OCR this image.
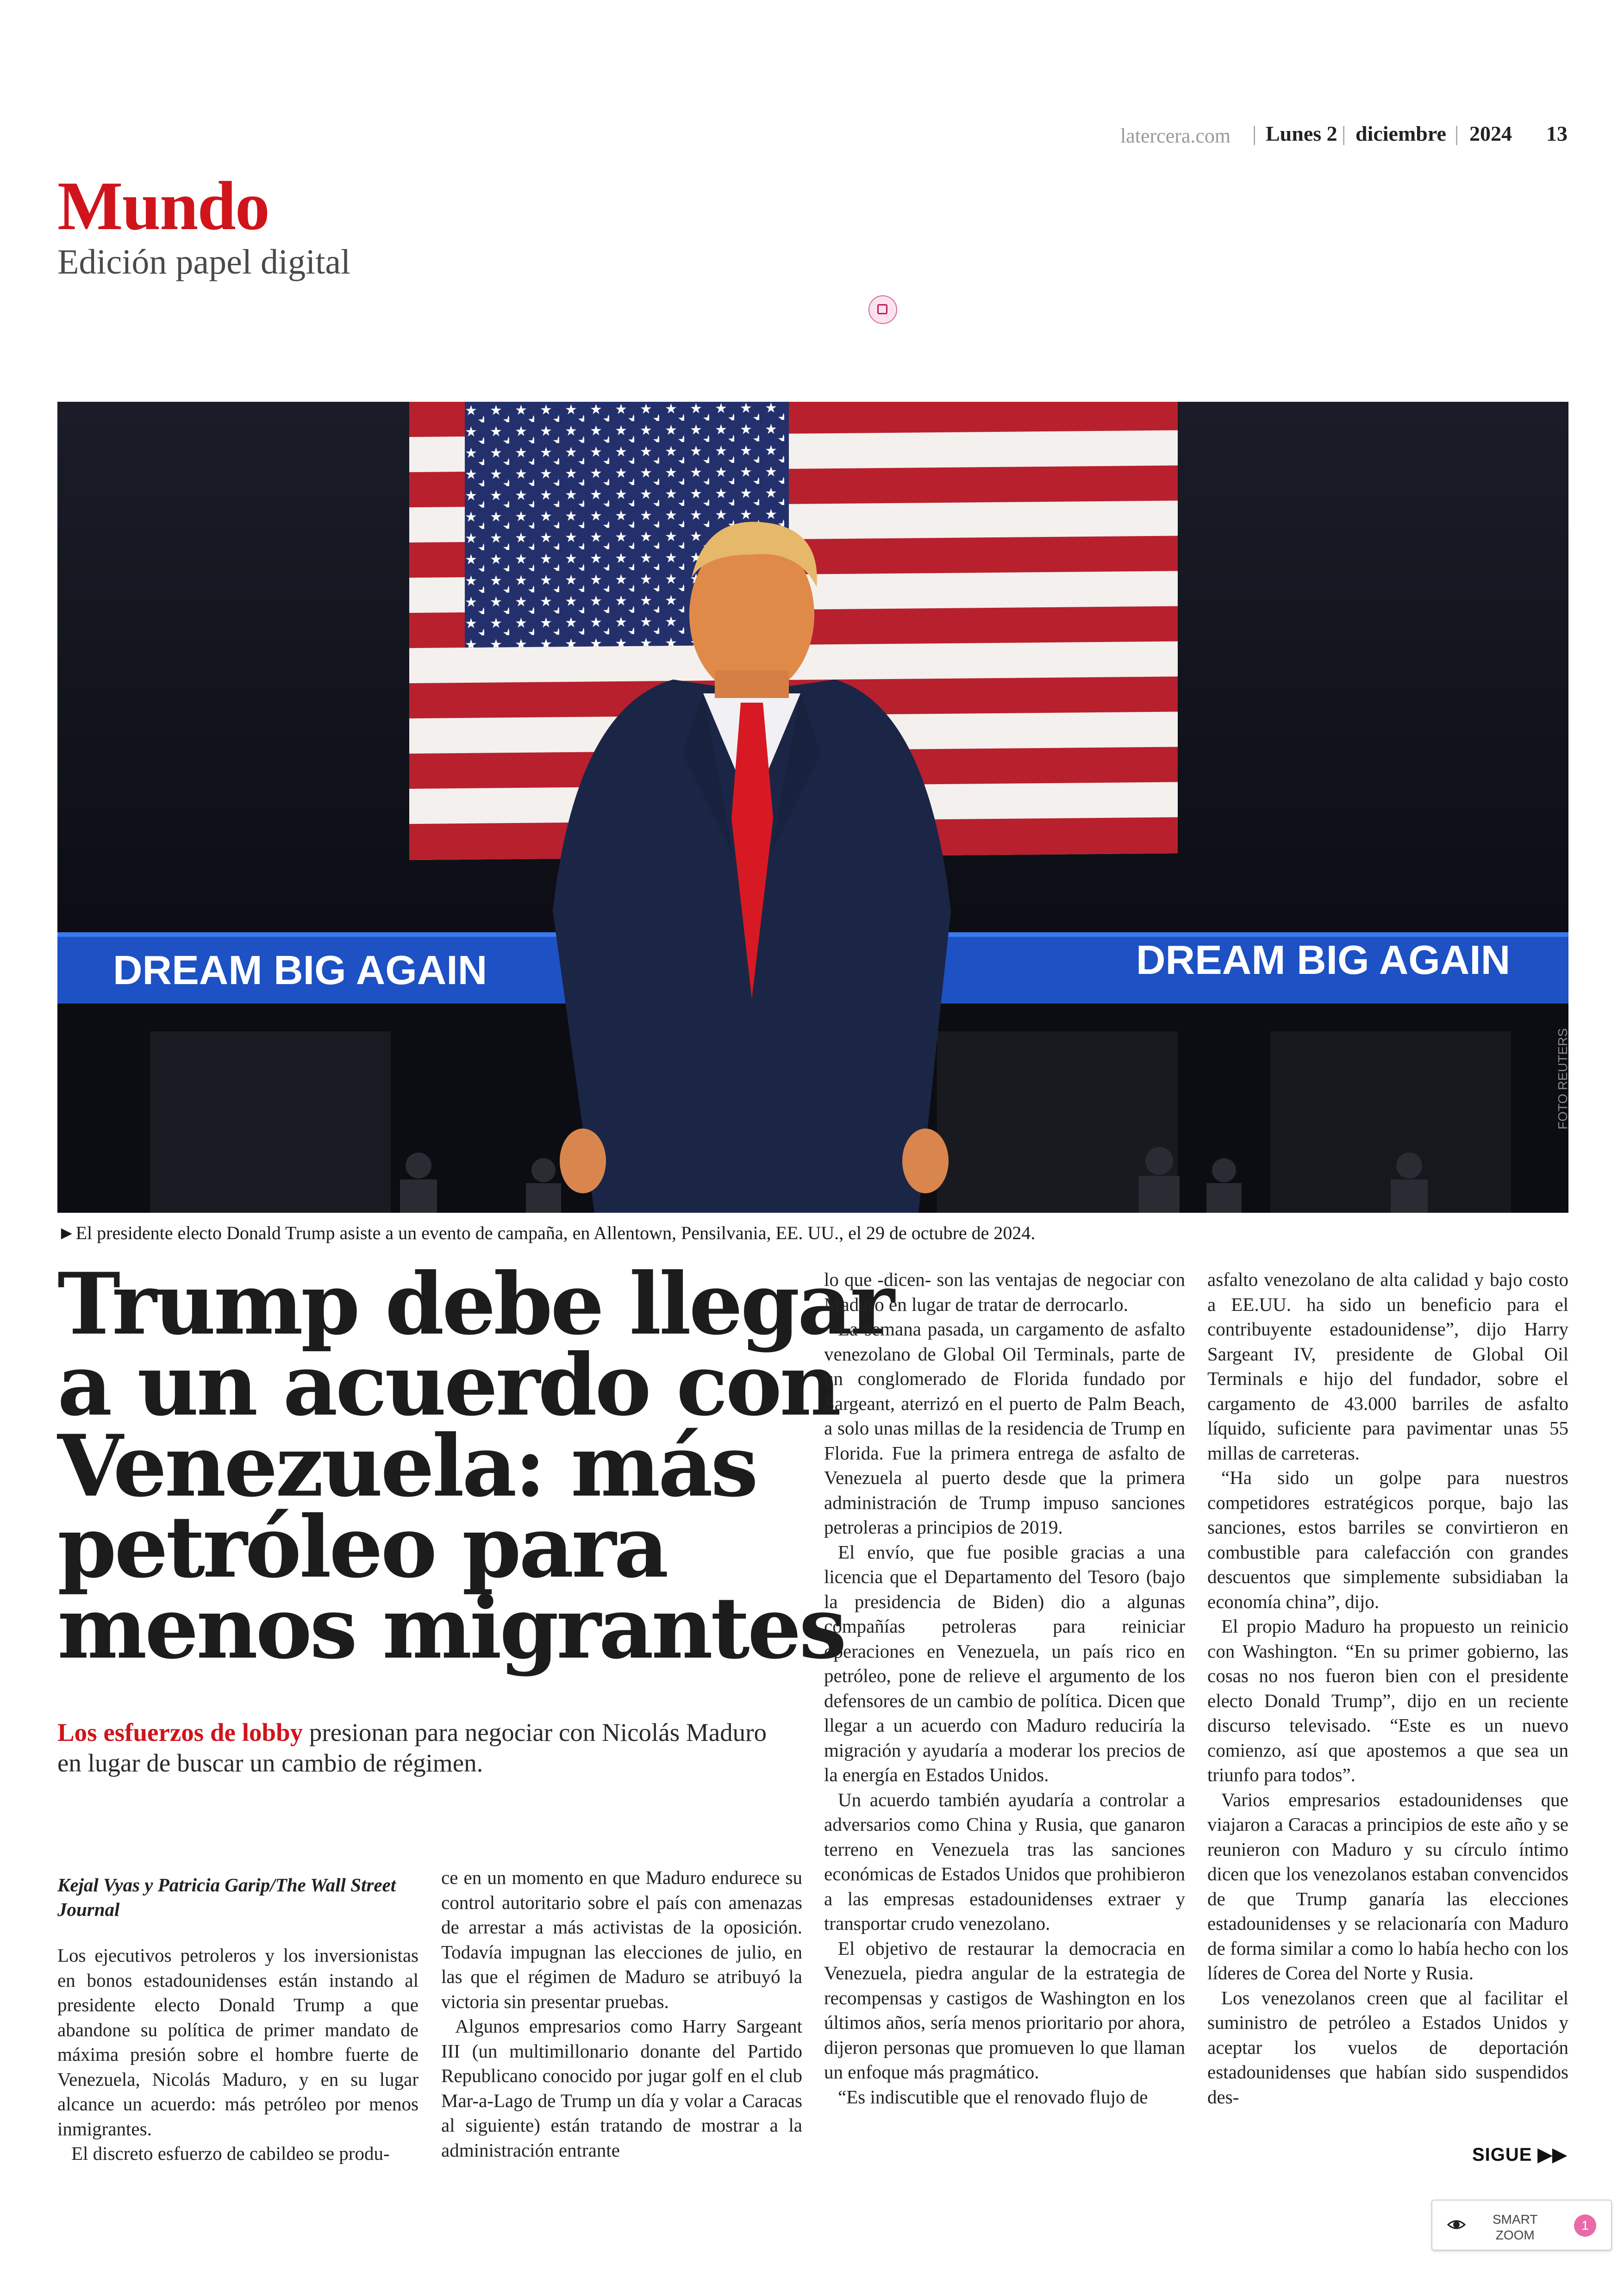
latercera.com | Lunes 2 | diciembre | 2024 13
Mundo
Edición papel digital
DREAM BIG AGAIN	DREAM BIG AGAIN
FOTO REUTERS
►El presidente electo Donald Trump asiste a un evento de campaña, en Allentown, Pensilvania, EE. UU., el 29 de octubre de 2024.
Trump debe llegar
a un acuerdo con
Venezuela: más
petróleo para
menos migrantes
Los esfuerzos de lobby presionan para negociar con Nicolás Maduro en lugar de buscar un cambio de régimen.
Kejal Vyas y Patricia Garip/The Wall Street Journal

Los ejecutivos petroleros y los inversionistas en bonos estadounidenses están instando al presidente electo Donald Trump a que abandone su política de primer mandato de máxima presión sobre el hombre fuerte de Venezuela, Nicolás Maduro, y en su lugar alcance un acuerdo: más petróleo por menos inmigrantes.

El discreto esfuerzo de cabildeo se produ-

ce en un momento en que Maduro endurece su control autoritario sobre el país con amenazas de arrestar a más activistas de la oposición. Todavía impugnan las elecciones de julio, en las que el régimen de Maduro se atribuyó la victoria sin presentar pruebas.

Algunos empresarios como Harry Sargeant III (un multimillonario donante del Partido Republicano conocido por jugar golf en el club Mar-a-Lago de Trump un día y volar a Caracas al siguiente) están tratando de mostrar a la administración entrante

lo que -dicen- son las ventajas de negociar con Maduro en lugar de tratar de derrocarlo.

La semana pasada, un cargamento de asfalto venezolano de Global Oil Terminals, parte de un conglomerado de Florida fundado por Sargeant, aterrizó en el puerto de Palm Beach, a solo unas millas de la residencia de Trump en Florida. Fue la primera entrega de asfalto de Venezuela al puerto desde que la primera administración de Trump impuso sanciones petroleras a principios de 2019.

El envío, que fue posible gracias a una licencia que el Departamento del Tesoro (bajo la presidencia de Biden) dio a algunas compañías petroleras para reiniciar operaciones en Venezuela, un país rico en petróleo, pone de relieve el argumento de los defensores de un cambio de política. Dicen que llegar a un acuerdo con Maduro reduciría la migración y ayudaría a moderar los precios de la energía en Estados Unidos.

Un acuerdo también ayudaría a controlar a adversarios como China y Rusia, que ganaron terreno en Venezuela tras las sanciones económicas de Estados Unidos que prohibieron a las empresas estadounidenses extraer y transportar crudo venezolano.

El objetivo de restaurar la democracia en Venezuela, piedra angular de la estrategia de recompensas y castigos de Washington en los últimos años, sería menos prioritario por ahora, dijeron personas que promueven lo que llaman un enfoque más pragmático.

“Es indiscutible que el renovado flujo de

asfalto venezolano de alta calidad y bajo costo a EE.UU. ha sido un beneficio para el contribuyente estadounidense”, dijo Harry Sargeant IV, presidente de Global Oil Terminals e hijo del fundador, sobre el cargamento de 43.000 barriles de asfalto líquido, suficiente para pavimentar unas 55 millas de carreteras.

“Ha sido un golpe para nuestros competidores estratégicos porque, bajo las sanciones, estos barriles se convirtieron en combustible para calefacción con grandes descuentos que simplemente subsidiaban la economía china”, dijo.

El propio Maduro ha propuesto un reinicio con Washington. “En su primer gobierno, las cosas no nos fueron bien con el presidente electo Donald Trump”, dijo en un reciente discurso televisado. “Este es un nuevo comienzo, así que apostemos a que sea un triunfo para todos”.

Varios empresarios estadounidenses que viajaron a Caracas a principios de este año y se reunieron con Maduro y su círculo íntimo dicen que los venezolanos estaban convencidos de que Trump ganaría las elecciones estadounidenses y se relacionaría con Maduro de forma similar a como lo había hecho con los líderes de Corea del Norte y Rusia.

Los venezolanos creen que al facilitar el suministro de petróleo a Estados Unidos y aceptar los vuelos de deportación estadounidenses que habían sido suspendidos des-

SIGUE ▶▶
SMART
ZOOM
1
